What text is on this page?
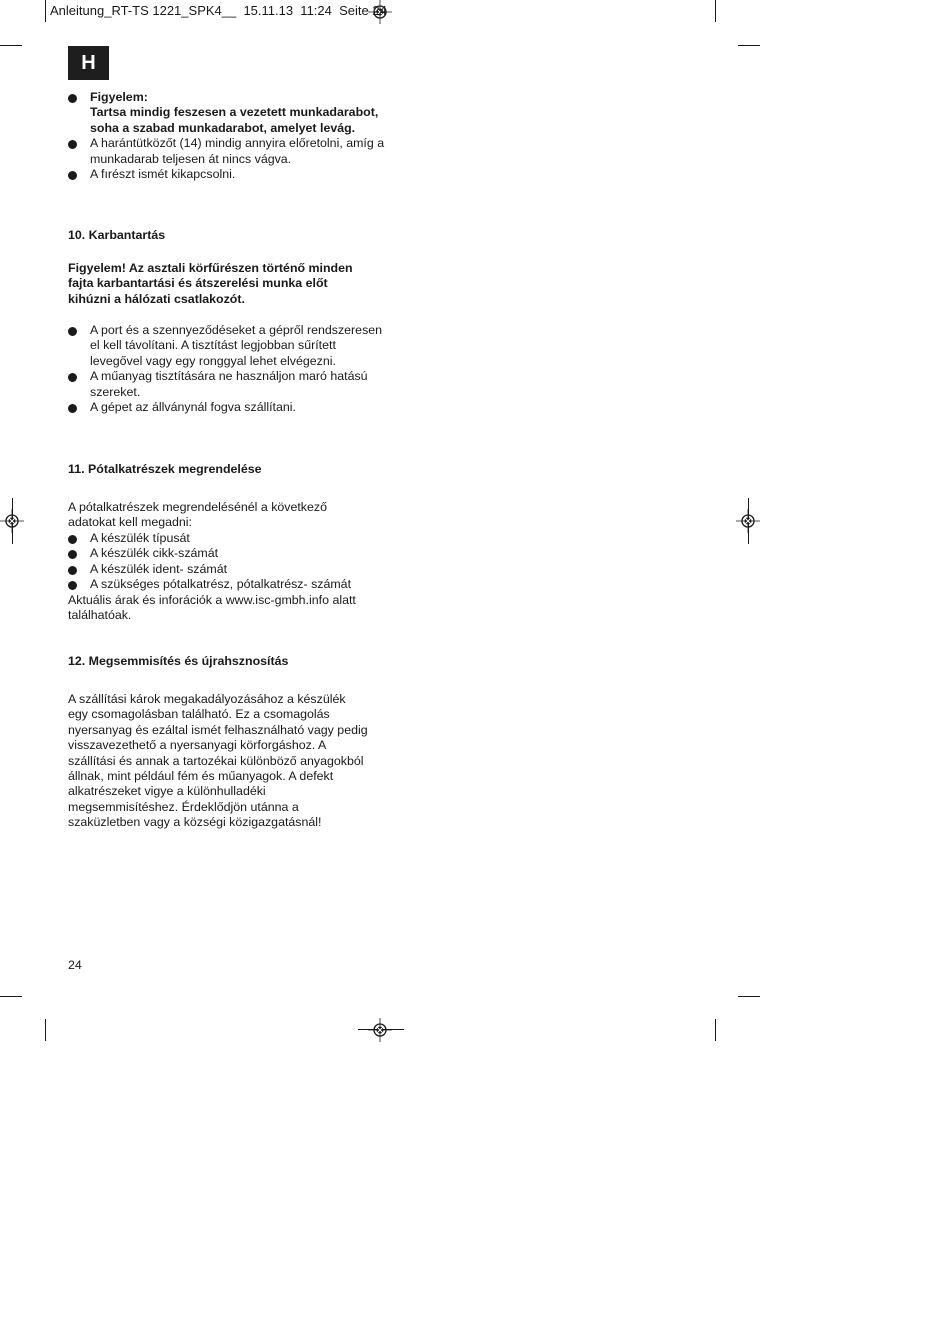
Anleitung_RT-TS 1221_SPK4__  15.11.13  11:24  Seite 24
H
Figyelem:
Tartsa mindig feszesen a vezetett munkadarabot, soha a szabad munkadarabot, amelyet levág.
A harántütközőt (14) mindig annyira előretolni, amíg a munkadarab teljesen át nincs vágva.
A fırészt ismét kikapcsolni.
10. Karbantartás

Figyelem! Az asztali körfűrészen történő minden fajta karbantartási és átszerelési munka előt kihúzni a hálózati csatlakozót.

A port és a szennyeződéseket a gépről rendszeresen el kell távolítani. A tisztítást legjobban sűrített levegővel vagy egy ronggyal lehet elvégezni.
A műanyag tisztítására ne használjon maró hatású szereket.
A gépet az állványnál fogva szállítani.
11. Pótalkatrészek megrendelése

A pótalkatrészek megrendelésénél a következő adatokat kell megadni:

A készülék típusát
A készülék cikk-számát
A készülék ident- számát
A szükséges pótalkatrész, pótalkatrész- számát

Aktuális árak és inforációk a www.isc-gmbh.info alatt találhatóak.

12. Megsemmisítés és újrahsznosítás

A szállítási károk megakadályozásához a készülék egy csomagolásban található. Ez a csomagolás nyersanyag és ezáltal ismét felhasználható vagy pedig visszavezethető a nyersanyagi körforgáshoz. A szállítási és annak a tartozékai különböző anyagokból állnak, mint például fém és műanyagok. A defekt alkatrészeket vigye a különhulladéki megsemmisítéshez. Érdeklődjön utánna a szaküzletben vagy a községi közigazgatásnál!

24
